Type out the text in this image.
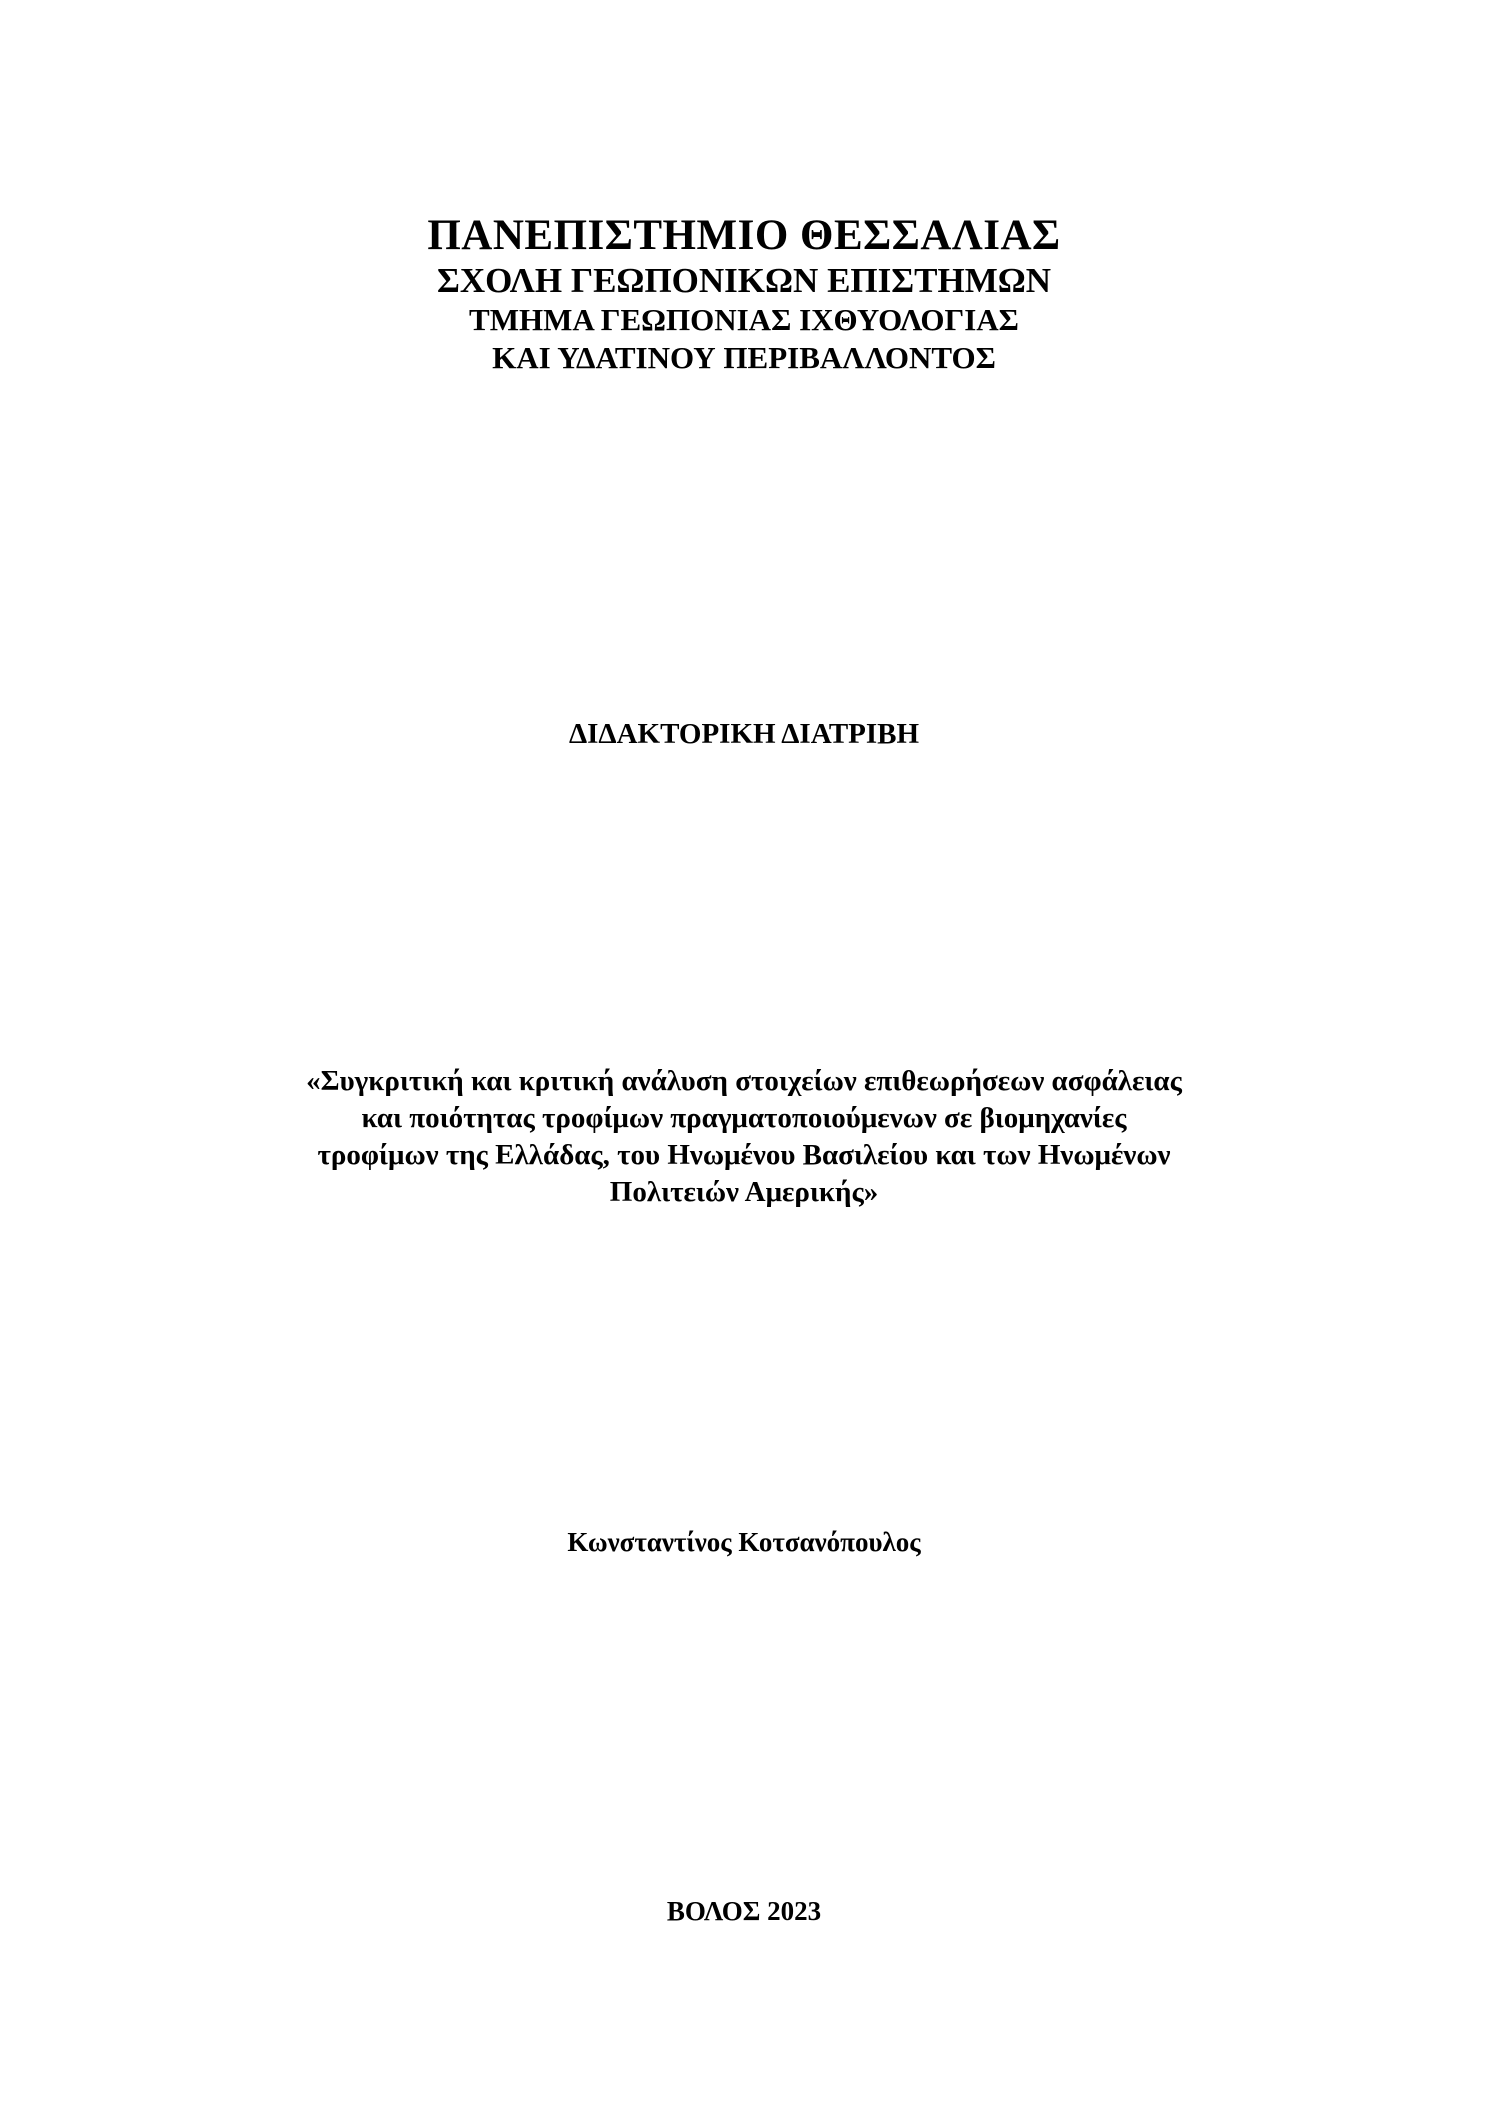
ΠΑΝΕΠΙΣΤΗΜΙΟ ΘΕΣΣΑΛΙΑΣ
ΣΧΟΛΗ ΓΕΩΠΟΝΙΚΩΝ ΕΠΙΣΤΗΜΩΝ
ΤΜΗΜΑ ΓΕΩΠΟΝΙΑΣ ΙΧΘΥΟΛΟΓΙΑΣ
ΚΑΙ ΥΔΑΤΙΝΟΥ ΠΕΡΙΒΑΛΛΟΝΤΟΣ
ΔΙΔΑΚΤΟΡΙΚΗ ΔΙΑΤΡΙΒΗ
«Συγκριτική και κριτική ανάλυση στοιχείων επιθεωρήσεων ασφάλειας
και ποιότητας τροφίμων πραγματοποιούμενων σε βιομηχανίες
τροφίμων της Ελλάδας, του Ηνωμένου Βασιλείου και των Ηνωμένων
Πολιτειών Αμερικής»
Κωνσταντίνος Κοτσανόπουλος
ΒΟΛΟΣ 2023
